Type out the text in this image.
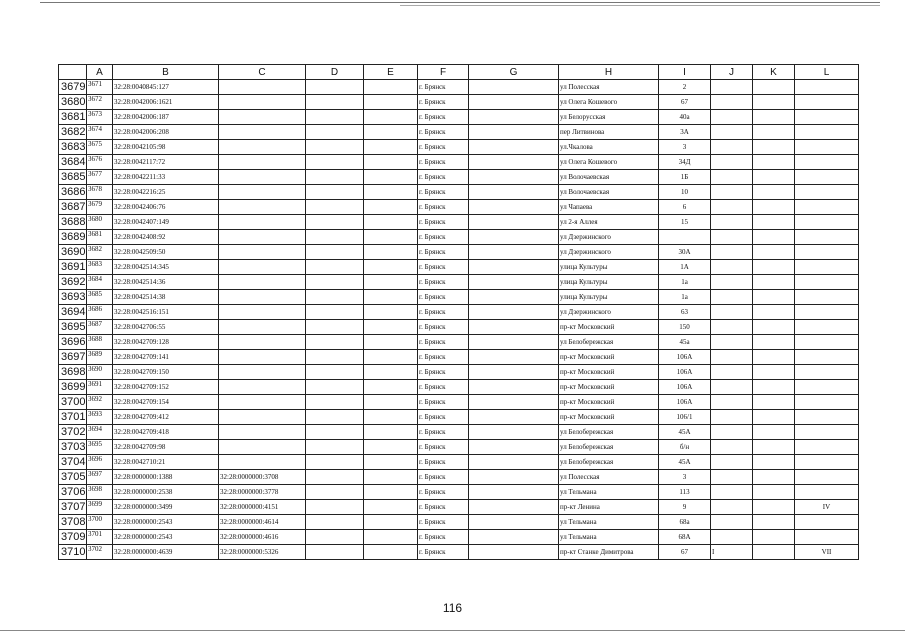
	A	B	C	D	E	F	G	H	I	J	K	L
3679	3671	32:28:0040845:127				г. Брянск		ул Полесская	2			
3680	3672	32:28:0042006:1621				г. Брянск		ул Олега Кошевого	67			
3681	3673	32:28:0042006:187				г. Брянск		ул Белорусская	40а			
3682	3674	32:28:0042006:208				г. Брянск		пер Литвинова	3А			
3683	3675	32:28:0042105:98				г. Брянск		ул.Чкалова	3			
3684	3676	32:28:0042117:72				г. Брянск		ул Олега Кошевого	34Д			
3685	3677	32:28:0042211:33				г. Брянск		ул Волочаевская	1Б			
3686	3678	32:28:0042216:25				г. Брянск		ул Волочаевская	10			
3687	3679	32:28:0042406:76				г. Брянск		ул Чапаева	6			
3688	3680	32:28:0042407:149				г. Брянск		ул 2-я Аллея	15			
3689	3681	32:28:0042408:92				г. Брянск		ул Дзержинского				
3690	3682	32:28:0042509:50				г. Брянск		ул Дзержинского	30А			
3691	3683	32:28:0042514:345				г. Брянск		улица Культуры	1А			
3692	3684	32:28:0042514:36				г. Брянск		улица Культуры	1а			
3693	3685	32:28:0042514:38				г. Брянск		улица Культуры	1а			
3694	3686	32:28:0042516:151				г. Брянск		ул Дзержинского	63			
3695	3687	32:28:0042706:55				г. Брянск		пр-кт Московский	150			
3696	3688	32:28:0042709:128				г. Брянск		ул Белобережская	45а			
3697	3689	32:28:0042709:141				г. Брянск		пр-кт Московский	106А			
3698	3690	32:28:0042709:150				г. Брянск		пр-кт Московский	106А			
3699	3691	32:28:0042709:152				г. Брянск		пр-кт Московский	106А			
3700	3692	32:28:0042709:154				г. Брянск		пр-кт Московский	106А			
3701	3693	32:28:0042709:412				г. Брянск		пр-кт Московский	106/1			
3702	3694	32:28:0042709:418				г. Брянск		ул Белобережская	45А			
3703	3695	32:28:0042709:98				г. Брянск		ул Белобережская	б/н			
3704	3696	32:28:0042710:21				г. Брянск		ул Белобережская	45А			
3705	3697	32:28:0000000:1388	32:28:0000000:3708			г. Брянск		ул Полесская	3			
3706	3698	32:28:0000000:2538	32:28:0000000:3778			г. Брянск		ул Тельмана	113			
3707	3699	32:28:0000000:3499	32:28:0000000:4151			г. Брянск		пр-кт Ленина	9			IV
3708	3700	32:28:0000000:2543	32:28:0000000:4614			г. Брянск		ул Тельмана	68а			
3709	3701	32:28:0000000:2543	32:28:0000000:4616			г. Брянск		ул Тельмана	68А			
3710	3702	32:28:0000000:4639	32:28:0000000:5326			г. Брянск		пр-кт Станке Димитрова	67	I		VII
116
